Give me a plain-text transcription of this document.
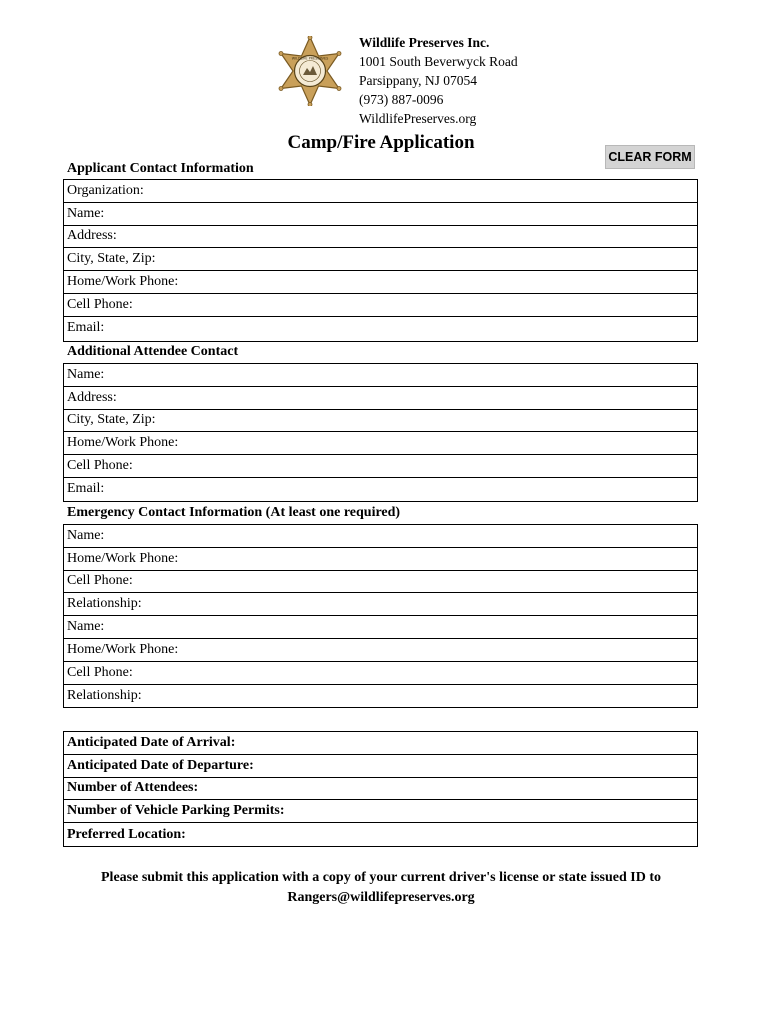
WILDLIFE PRESERVES
Wildlife Preserves Inc.
1001 South Beverwyck Road
Parsippany, NJ 07054
(973) 887-0096
WildlifePreserves.org
Camp/Fire Application
CLEAR FORM
Applicant Contact Information
Organization:
Name:
Address:
City, State, Zip:
Home/Work Phone:
Cell Phone:
Email:
Additional Attendee Contact
Name:
Address:
City, State, Zip:
Home/Work Phone:
Cell Phone:
Email:
Emergency Contact Information (At least one required)
Name:
Home/Work Phone:
Cell Phone:
Relationship:
Name:
Home/Work Phone:
Cell Phone:
Relationship:
Anticipated Date of Arrival:
Anticipated Date of Departure:
Number of Attendees:
Number of Vehicle Parking Permits:
Preferred Location:
Please submit this application with a copy of your current driver's license or state issued ID to
Rangers@wildlifepreserves.org
